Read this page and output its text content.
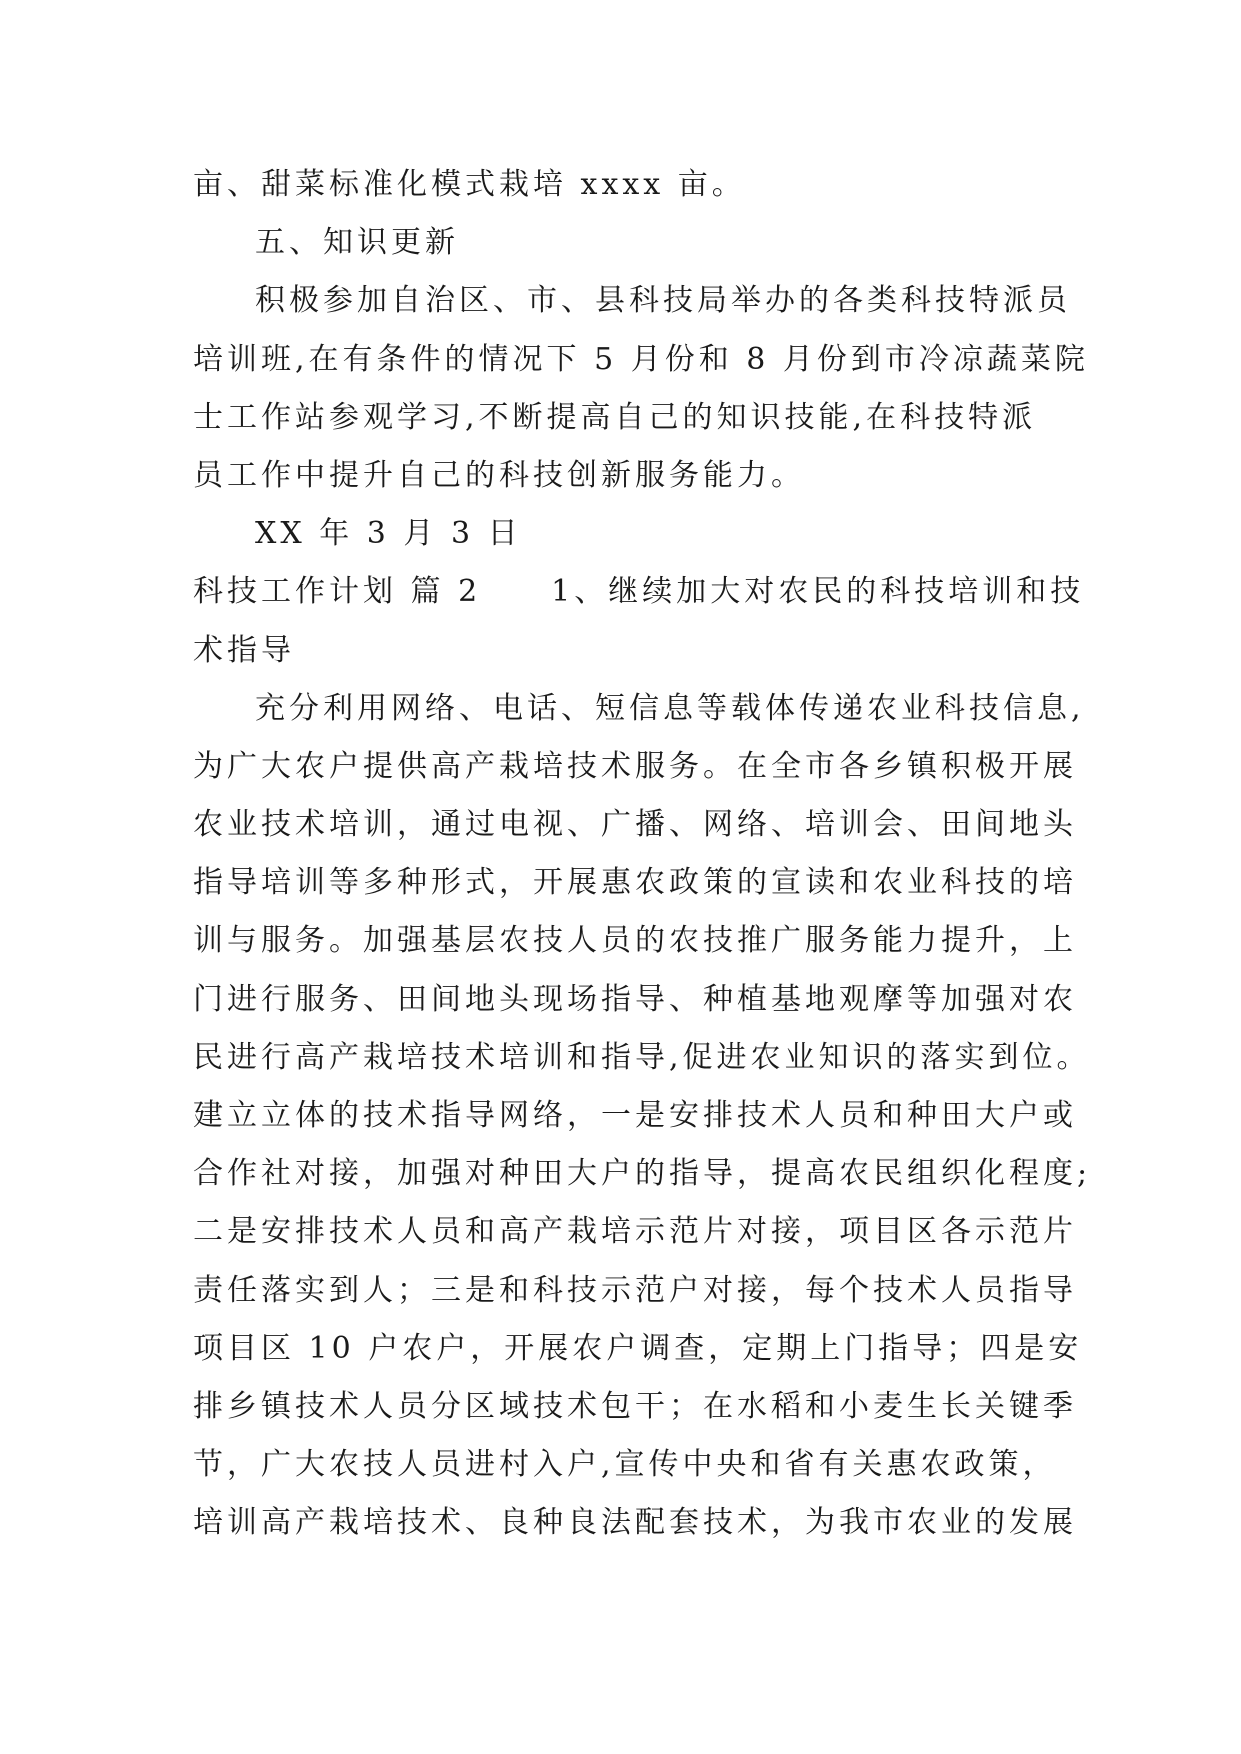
亩、甜菜标准化模式栽培 xxxx 亩。
五、知识更新
积极参加自治区、市、县科技局举办的各类科技特派员
培训班,在有条件的情况下 5 月份和 8 月份到市冷凉蔬菜院
士工作站参观学习,不断提高自己的知识技能,在科技特派
员工作中提升自己的科技创新服务能力。
XX 年 3 月 3 日
科技工作计划 篇 2 1、继续加大对农民的科技培训和技
术指导
充分利用网络、电话、短信息等载体传递农业科技信息,
为广大农户提供高产栽培技术服务。在全市各乡镇积极开展
农业技术培训，通过电视、广播、网络、培训会、田间地头
指导培训等多种形式，开展惠农政策的宣读和农业科技的培
训与服务。加强基层农技人员的农技推广服务能力提升，上
门进行服务、田间地头现场指导、种植基地观摩等加强对农
民进行高产栽培技术培训和指导,促进农业知识的落实到位。
建立立体的技术指导网络，一是安排技术人员和种田大户或
合作社对接，加强对种田大户的指导，提高农民组织化程度;
二是安排技术人员和高产栽培示范片对接，项目区各示范片
责任落实到人；三是和科技示范户对接，每个技术人员指导
项目区 10 户农户，开展农户调查，定期上门指导；四是安
排乡镇技术人员分区域技术包干；在水稻和小麦生长关键季
节，广大农技人员进村入户,宣传中央和省有关惠农政策，
培训高产栽培技术、良种良法配套技术，为我市农业的发展
